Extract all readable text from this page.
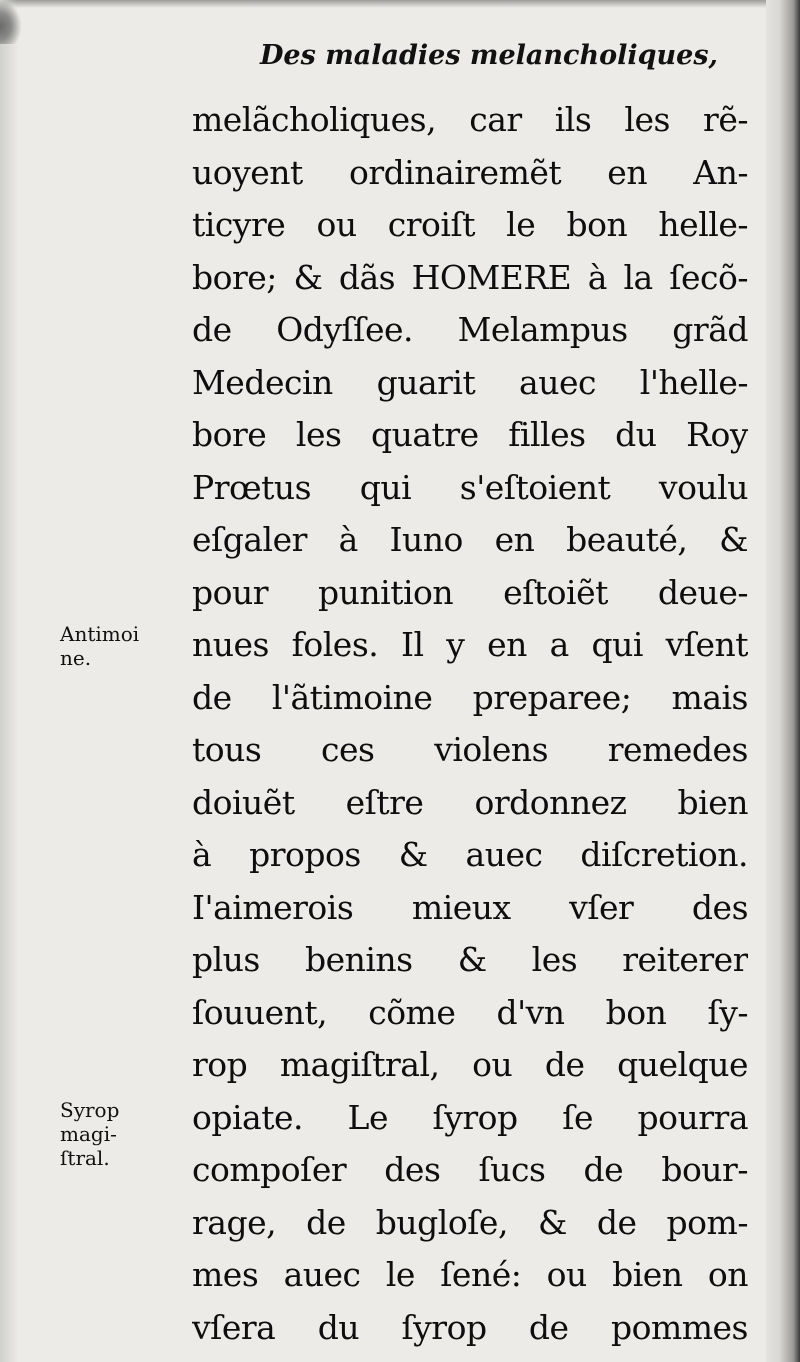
Des maladies melancholiques,
melãcholiques, car ils les rẽ-
uoyent ordinairemẽt en An-
ticyre ou croiſt le bon helle-
bore; & dãs HOMERE à la ſecõ-
de Odyſſee. Melampus grãd
Medecin guarit auec l'helle-
bore les quatre filles du Roy
Prœtus qui s'eſtoient voulu
eſgaler à Iuno en beauté, &
pour punition eſtoiẽt deue-
nues foles. Il y en a qui vſent
de l'ãtimoine preparee; mais
tous ces violens remedes
doiuẽt eſtre ordonnez bien
à propos & auec diſcretion.
I'aimerois mieux vſer des
plus benins & les reiterer
ſouuent, cõme d'vn bon ſy-
rop magiſtral, ou de quelque
opiate. Le ſyrop ſe pourra
compoſer des ſucs de bour-
rage, de bugloſe, & de pom-
mes auec le ſené: ou bien on
vſera du ſyrop de pommes
Antimoi
ne.
Syrop
magi-
ſtral.
